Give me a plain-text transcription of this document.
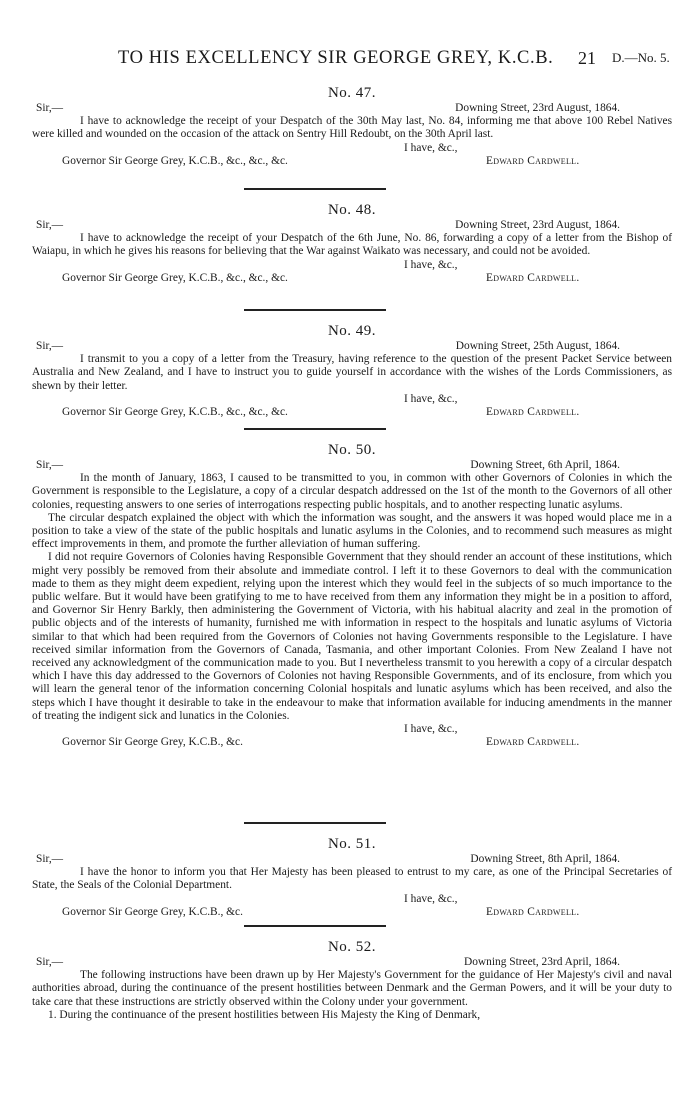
TO HIS EXCELLENCY SIR GEORGE GREY, K.C.B. 21 D.—No. 5.
No. 47.
Sir,—	Downing Street, 23rd August, 1864.

I have to acknowledge the receipt of your Despatch of the 30th May last, No. 84, informing me that above 100 Rebel Natives were killed and wounded on the occasion of the attack on Sentry Hill Redoubt, on the 30th April last.

I have, &c.,
Governor Sir George Grey, K.C.B., &c., &c., &c.	Edward Cardwell.
No. 48.
Sir,—	Downing Street, 23rd August, 1864.

I have to acknowledge the receipt of your Despatch of the 6th June, No. 86, forwarding a copy of a letter from the Bishop of Waiapu, in which he gives his reasons for believing that the War against Waikato was necessary, and could not be avoided.

I have, &c.,
Governor Sir George Grey, K.C.B., &c., &c., &c.	Edward Cardwell.
No. 49.
Sir,—	Downing Street, 25th August, 1864.

I transmit to you a copy of a letter from the Treasury, having reference to the question of the present Packet Service between Australia and New Zealand, and I have to instruct you to guide yourself in accordance with the wishes of the Lords Commissioners, as shewn by their letter.

I have, &c.,
Governor Sir George Grey, K.C.B., &c., &c., &c.	Edward Cardwell.
No. 50.
Sir,—	Downing Street, 6th April, 1864.

In the month of January, 1863, I caused to be transmitted to you, in common with other Governors of Colonies in which the Government is responsible to the Legislature, a copy of a circular despatch addressed on the 1st of the month to the Governors of all other colonies, requesting answers to one series of interrogations respecting public hospitals, and to another respecting lunatic asylums.

The circular despatch explained the object with which the information was sought, and the answers it was hoped would place me in a position to take a view of the state of the public hospitals and lunatic asylums in the Colonies, and to recommend such measures as might effect improvements in them, and promote the further alleviation of human suffering.

I did not require Governors of Colonies having Responsible Government that they should render an account of these institutions, which might very possibly be removed from their absolute and immediate control. I left it to these Governors to deal with the communication made to them as they might deem expedient, relying upon the interest which they would feel in the subjects of so much importance to the public welfare. But it would have been gratifying to me to have received from them any information they might be in a position to afford, and Governor Sir Henry Barkly, then administering the Government of Victoria, with his habitual alacrity and zeal in the promotion of public objects and of the interests of humanity, furnished me with information in respect to the hospitals and lunatic asylums of Victoria similar to that which had been required from the Governors of Colonies not having Governments responsible to the Legislature. I have received similar information from the Governors of Canada, Tasmania, and other important Colonies. From New Zealand I have not received any acknowledgment of the communication made to you. But I nevertheless transmit to you herewith a copy of a circular despatch which I have this day addressed to the Governors of Colonies not having Responsible Governments, and of its enclosure, from which you will learn the general tenor of the information concerning Colonial hospitals and lunatic asylums which has been received, and also the steps which I have thought it desirable to take in the endeavour to make that information available for inducing amendments in the manner of treating the indigent sick and lunatics in the Colonies.

I have, &c.,
Governor Sir George Grey, K.C.B., &c.	Edward Cardwell.
No. 51.
Sir,—	Downing Street, 8th April, 1864.

I have the honor to inform you that Her Majesty has been pleased to entrust to my care, as one of the Principal Secretaries of State, the Seals of the Colonial Department.

I have, &c.,
Governor Sir George Grey, K.C.B., &c.	Edward Cardwell.
No. 52.
Sir,—	Downing Street, 23rd April, 1864.

The following instructions have been drawn up by Her Majesty's Government for the guidance of Her Majesty's civil and naval authorities abroad, during the continuance of the present hostilities between Denmark and the German Powers, and it will be your duty to take care that these instructions are strictly observed within the Colony under your government.

1. During the continuance of the present hostilities between His Majesty the King of Denmark,
